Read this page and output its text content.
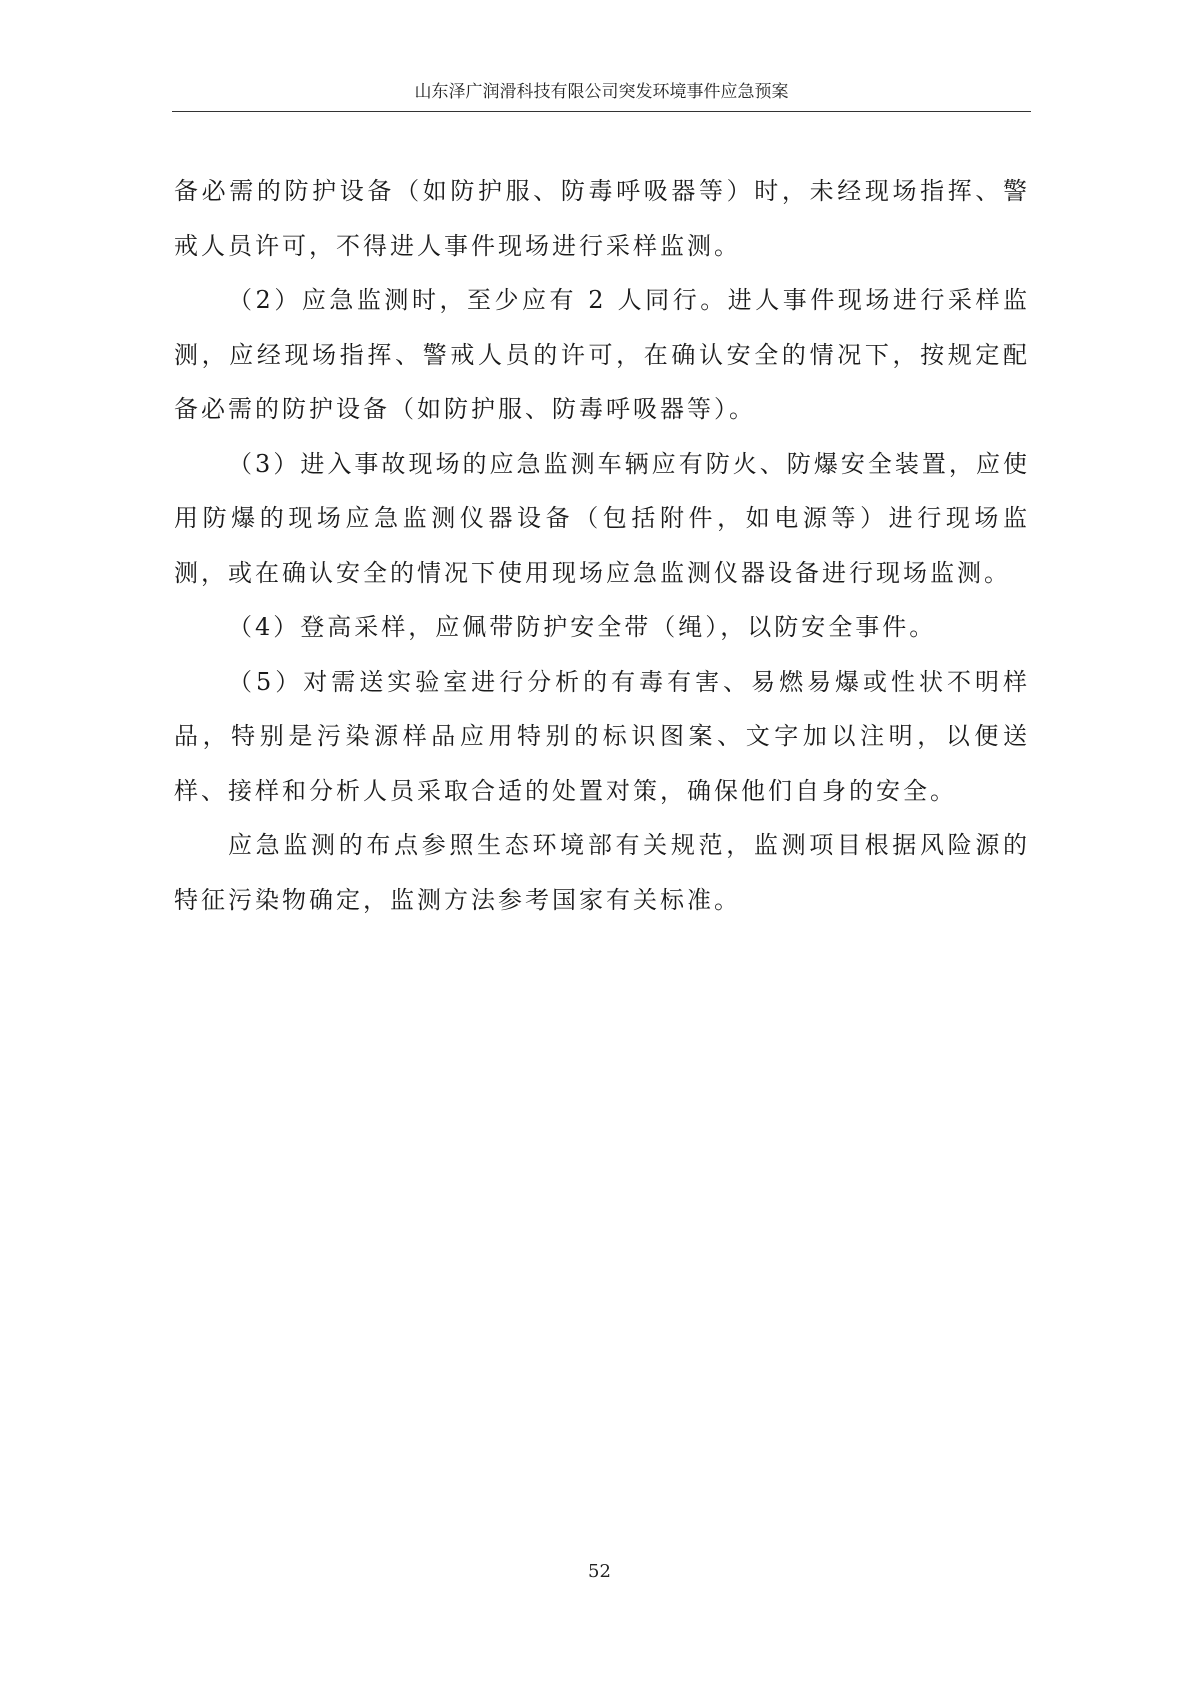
山东泽广润滑科技有限公司突发环境事件应急预案

备必需的防护设备（如防护服、防毒呼吸器等）时，未经现场指挥、警戒人员许可，不得进人事件现场进行采样监测。

（2）应急监测时，至少应有 2 人同行。进人事件现场进行采样监测，应经现场指挥、警戒人员的许可，在确认安全的情况下，按规定配备必需的防护设备（如防护服、防毒呼吸器等）。

（3）进入事故现场的应急监测车辆应有防火、防爆安全装置，应使用防爆的现场应急监测仪器设备（包括附件，如电源等）进行现场监测，或在确认安全的情况下使用现场应急监测仪器设备进行现场监测。

（4）登高采样，应佩带防护安全带（绳），以防安全事件。

（5）对需送实验室进行分析的有毒有害、易燃易爆或性状不明样品，特别是污染源样品应用特别的标识图案、文字加以注明，以便送样、接样和分析人员采取合适的处置对策，确保他们自身的安全。

应急监测的布点参照生态环境部有关规范，监测项目根据风险源的特征污染物确定，监测方法参考国家有关标准。

52
